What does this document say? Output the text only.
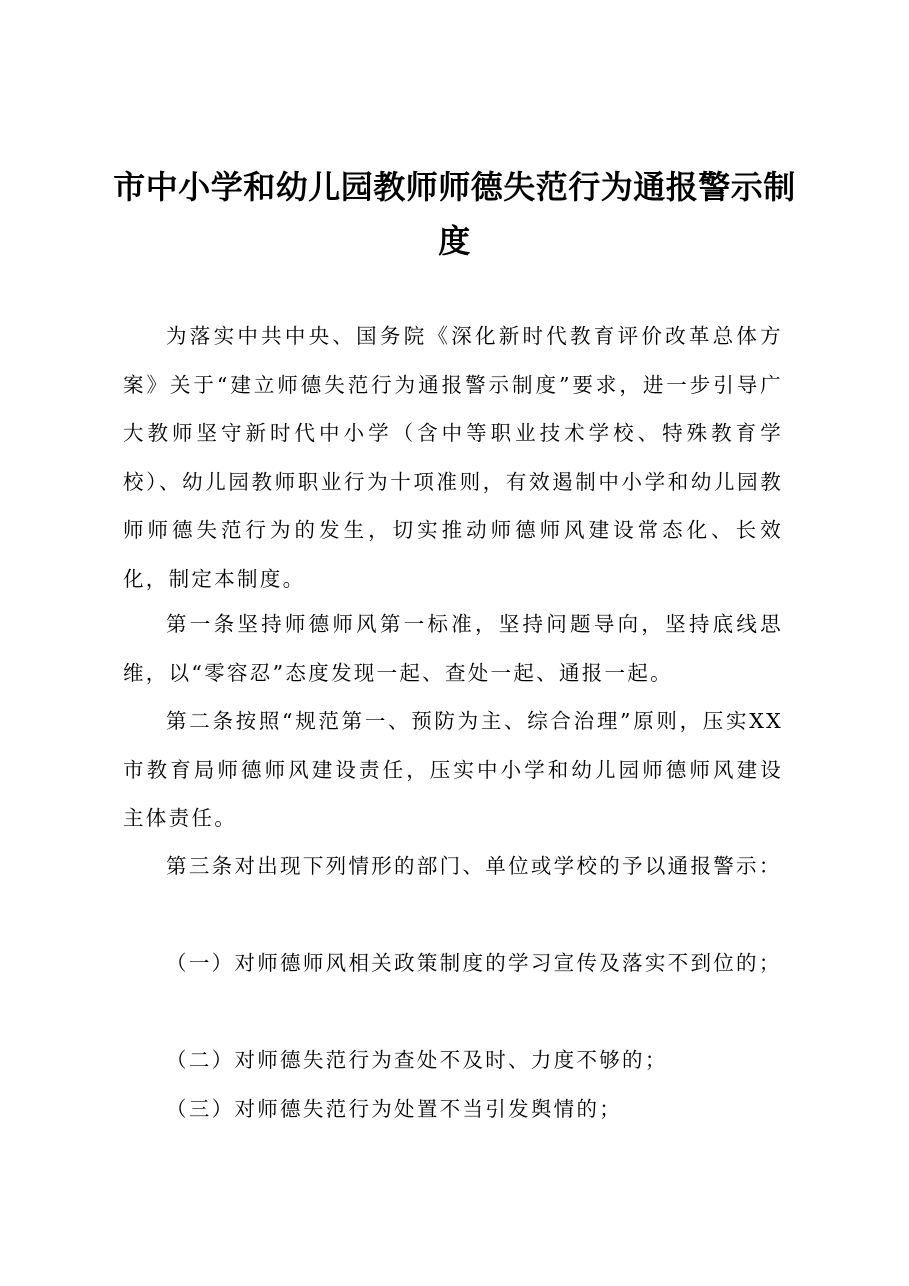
市中小学和幼儿园教师师德失范行为通报警示制度

为落实中共中央、国务院《深化新时代教育评价改革总体方案》关于“建立师德失范行为通报警示制度”要求，进一步引导广大教师坚守新时代中小学（含中等职业技术学校、特殊教育学校）、幼儿园教师职业行为十项准则，有效遏制中小学和幼儿园教师师德失范行为的发生，切实推动师德师风建设常态化、长效化，制定本制度。

第一条坚持师德师风第一标准，坚持问题导向，坚持底线思维，以“零容忍”态度发现一起、查处一起、通报一起。

第二条按照“规范第一、预防为主、综合治理”原则，压实XX市教育局师德师风建设责任，压实中小学和幼儿园师德师风建设主体责任。

第三条对出现下列情形的部门、单位或学校的予以通报警示：

（一）对师德师风相关政策制度的学习宣传及落实不到位的；

（二）对师德失范行为查处不及时、力度不够的；

（三）对师德失范行为处置不当引发舆情的；
